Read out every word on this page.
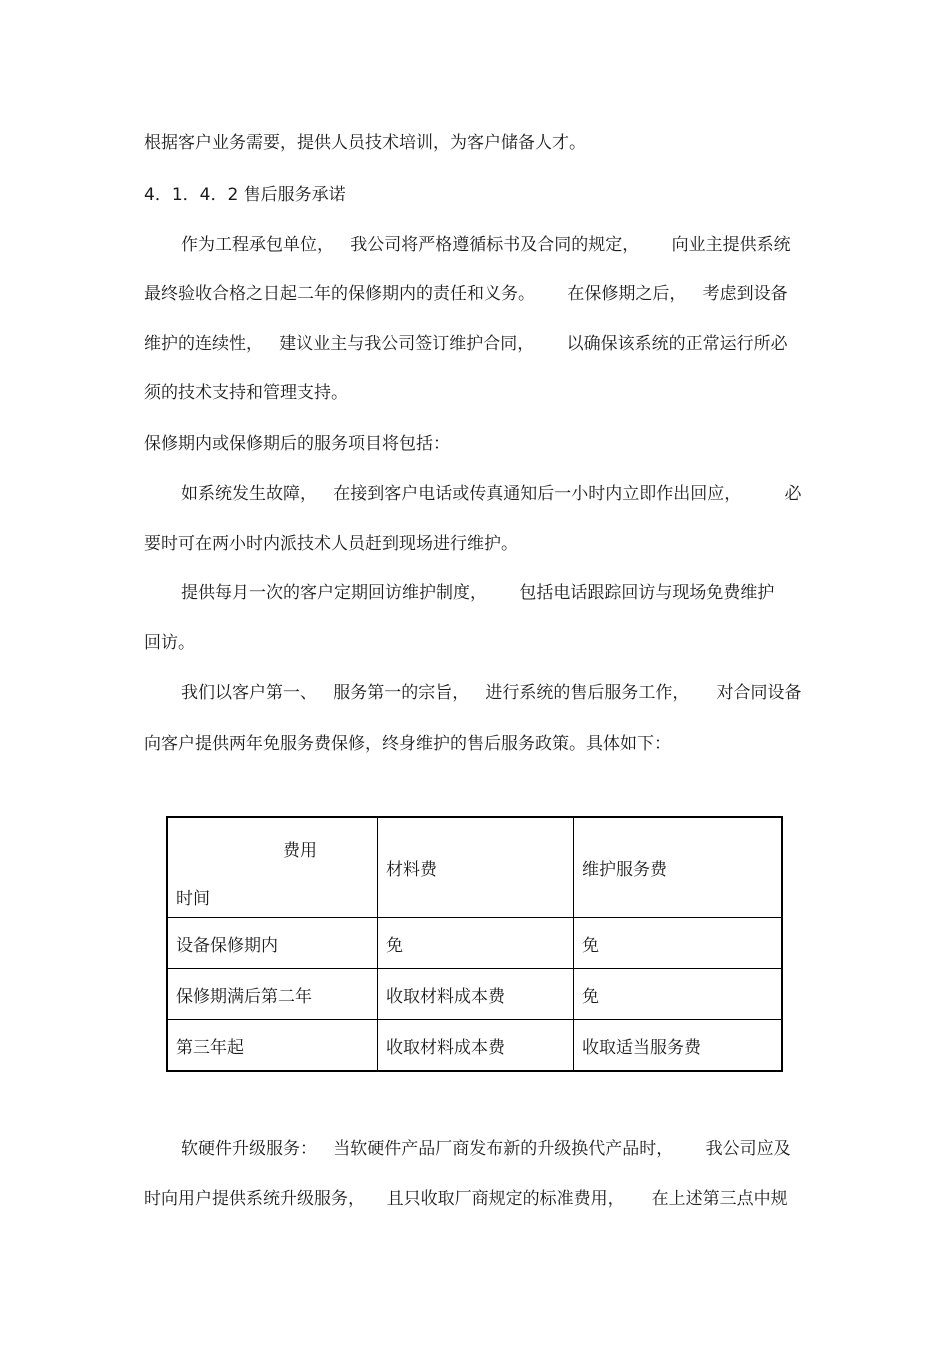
根据客户业务需要，提供人员技术培训，为客户储备人才。
4．1．4．2 售后服务承诺
作为工程承包单位，   我公司将严格遵循标书及合同的规定，      向业主提供系统
最终验收合格之日起二年的保修期内的责任和义务。      在保修期之后，   考虑到设备
维护的连续性，   建议业主与我公司签订维护合同，      以确保该系统的正常运行所必
须的技术支持和管理支持。
保修期内或保修期后的服务项目将包括：
如系统发生故障，   在接到客户电话或传真通知后一小时内立即作出回应，        必
要时可在两小时内派技术人员赶到现场进行维护。
提供每月一次的客户定期回访维护制度，      包括电话跟踪回访与现场免费维护
回访。
我们以客户第一、   服务第一的宗旨，   进行系统的售后服务工作，     对合同设备
向客户提供两年免服务费保修，终身维护的售后服务政策。具体如下：
费用
时间	材料费	维护服务费
设备保修期内	免	免
保修期满后第二年	收取材料成本费	免
第三年起	收取材料成本费	收取适当服务费
软硬件升级服务：   当软硬件产品厂商发布新的升级换代产品时，      我公司应及
时向用户提供系统升级服务，    且只收取厂商规定的标准费用，     在上述第三点中规
